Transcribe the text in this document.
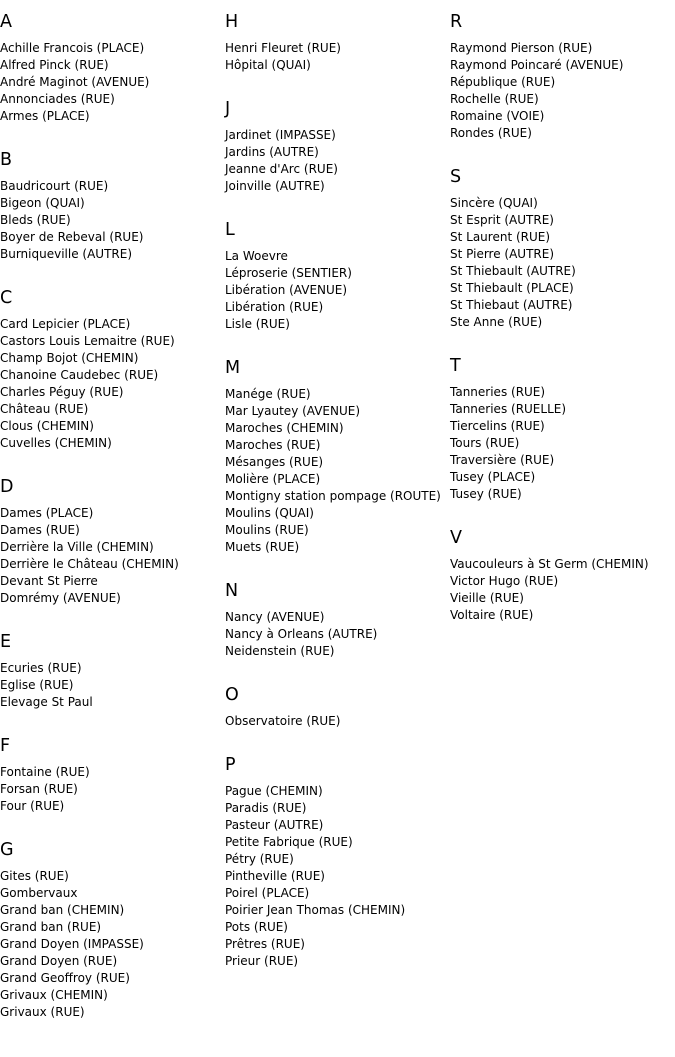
A
Achille Francois (PLACE)
Alfred Pinck (RUE)
André Maginot (AVENUE)
Annonciades (RUE)
Armes (PLACE)
B
Baudricourt (RUE)
Bigeon (QUAI)
Bleds (RUE)
Boyer de Rebeval (RUE)
Burniqueville (AUTRE)
C
Card Lepicier (PLACE)
Castors Louis Lemaitre (RUE)
Champ Bojot (CHEMIN)
Chanoine Caudebec (RUE)
Charles Péguy (RUE)
Château (RUE)
Clous (CHEMIN)
Cuvelles (CHEMIN)
D
Dames (PLACE)
Dames (RUE)
Derrière la Ville (CHEMIN)
Derrière le Château (CHEMIN)
Devant St Pierre
Domrémy (AVENUE)
E
Ecuries (RUE)
Eglise (RUE)
Elevage St Paul
F
Fontaine (RUE)
Forsan (RUE)
Four (RUE)
G
Gites (RUE)
Gombervaux
Grand ban (CHEMIN)
Grand ban (RUE)
Grand Doyen (IMPASSE)
Grand Doyen (RUE)
Grand Geoffroy (RUE)
Grivaux (CHEMIN)
Grivaux (RUE)
H
Henri Fleuret (RUE)
Hôpital (QUAI)
J
Jardinet (IMPASSE)
Jardins (AUTRE)
Jeanne d'Arc (RUE)
Joinville (AUTRE)
L
La Woevre
Léproserie (SENTIER)
Libération (AVENUE)
Libération (RUE)
Lisle (RUE)
M
Manége (RUE)
Mar Lyautey (AVENUE)
Maroches (CHEMIN)
Maroches (RUE)
Mésanges (RUE)
Molière (PLACE)
Montigny station pompage (ROUTE)
Moulins (QUAI)
Moulins (RUE)
Muets (RUE)
N
Nancy (AVENUE)
Nancy à Orleans (AUTRE)
Neidenstein (RUE)
O
Observatoire (RUE)
P
Pague (CHEMIN)
Paradis (RUE)
Pasteur (AUTRE)
Petite Fabrique (RUE)
Pétry (RUE)
Pintheville (RUE)
Poirel (PLACE)
Poirier Jean Thomas (CHEMIN)
Pots (RUE)
Prêtres (RUE)
Prieur (RUE)
R
Raymond Pierson (RUE)
Raymond Poincaré (AVENUE)
République (RUE)
Rochelle (RUE)
Romaine (VOIE)
Rondes (RUE)
S
Sincère (QUAI)
St Esprit (AUTRE)
St Laurent (RUE)
St Pierre (AUTRE)
St Thiebault (AUTRE)
St Thiebault (PLACE)
St Thiebaut (AUTRE)
Ste Anne (RUE)
T
Tanneries (RUE)
Tanneries (RUELLE)
Tiercelins (RUE)
Tours (RUE)
Traversière (RUE)
Tusey (PLACE)
Tusey (RUE)
V
Vaucouleurs à St Germ (CHEMIN)
Victor Hugo (RUE)
Vieille (RUE)
Voltaire (RUE)
